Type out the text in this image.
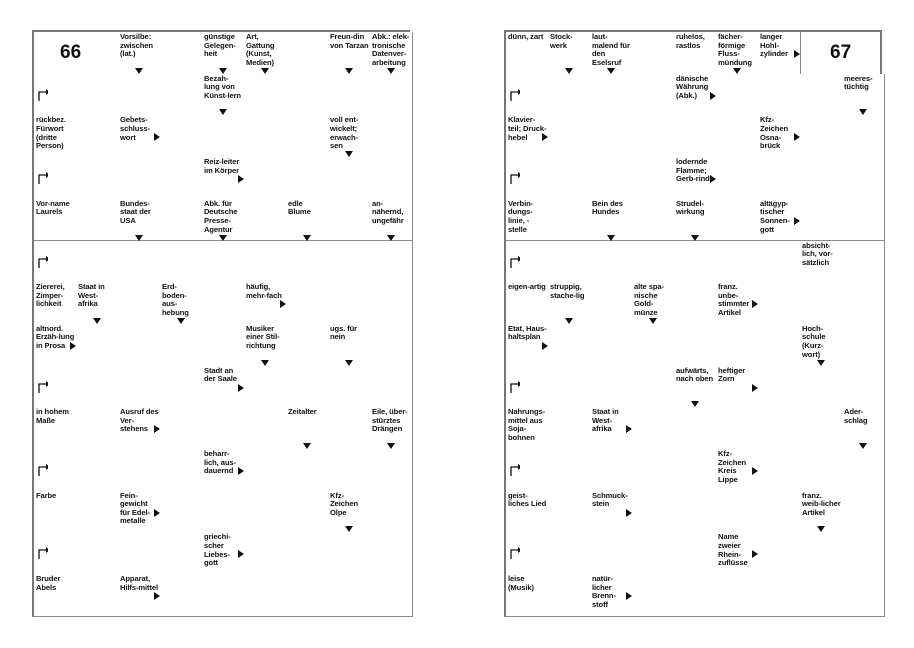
66
Vorsilbe: zwischen (lat.)
günstige Gelegen-heit
Art, Gattung (Kunst, Medien)
Freun-din von Tarzan
Abk.: elek-tronische Datenver-arbeitung
Bezah-lung von Künst-lern
rückbez. Fürwort (dritte Person)
Gebets-schluss-wort
voll ent-wickelt; erwach-sen
Reiz-leiter im Körper
Vor-name Laurels
Bundes-staat der USA
Abk. für Deutsche Presse-Agentur
edle Blume
an-nähernd, ungefähr
Ziererei, Zimper-lichkeit
Staat in West-afrika
Erd-boden-aus-hebung
häufig, mehr-fach
altnord. Erzäh-lung in Prosa
Musiker einer Stil-richtung
ugs. für nein
Stadt an der Saale
in hohem Maße
Ausruf des Ver-stehens
Zeitalter	Eile, über-stürztes Drängen
beharr-lich, aus-dauernd
Farbe	Fein-gewicht für Edel-metalle
Kfz-Zeichen Olpe
griechi-scher Liebes-gott
Bruder Abels
Apparat, Hilfs-mittel
67
dünn, zart Stock-werk
laut-malend für den Eselsruf
ruhelos, rastlos
fächer-förmige Fluss-mündung
langer Hohl-zylinder
dänische Währung (Abk.)
meeres-tüchtig
Klavier-teil; Druck-hebel
Kfz-Zeichen Osna-brück
lodernde Flamme; Gerb-rinde
Verbin-dungs-linie, -stelle
Bein des Hundes
Strudel-wirkung
altägyp-tischer Sonnen-gott
absicht-lich, vor-sätzlich
eigen-artig struppig, stache-lig
alte spa-nische Gold-münze
franz. unbe-stimmter Artikel
Etat, Haus-haltsplan
Hoch-schule (Kurz-wort)
aufwärts, nach oben
heftiger Zorn
Nahrungs-mittel aus Soja-bohnen
Staat in West-afrika
Ader-schlag
Kfz-Zeichen Kreis Lippe
geist-liches Lied
Schmuck-stein
franz. weib-licher Artikel
Name zweier Rhein-zuflüsse
leise (Musik)
natür-licher Brenn-stoff
